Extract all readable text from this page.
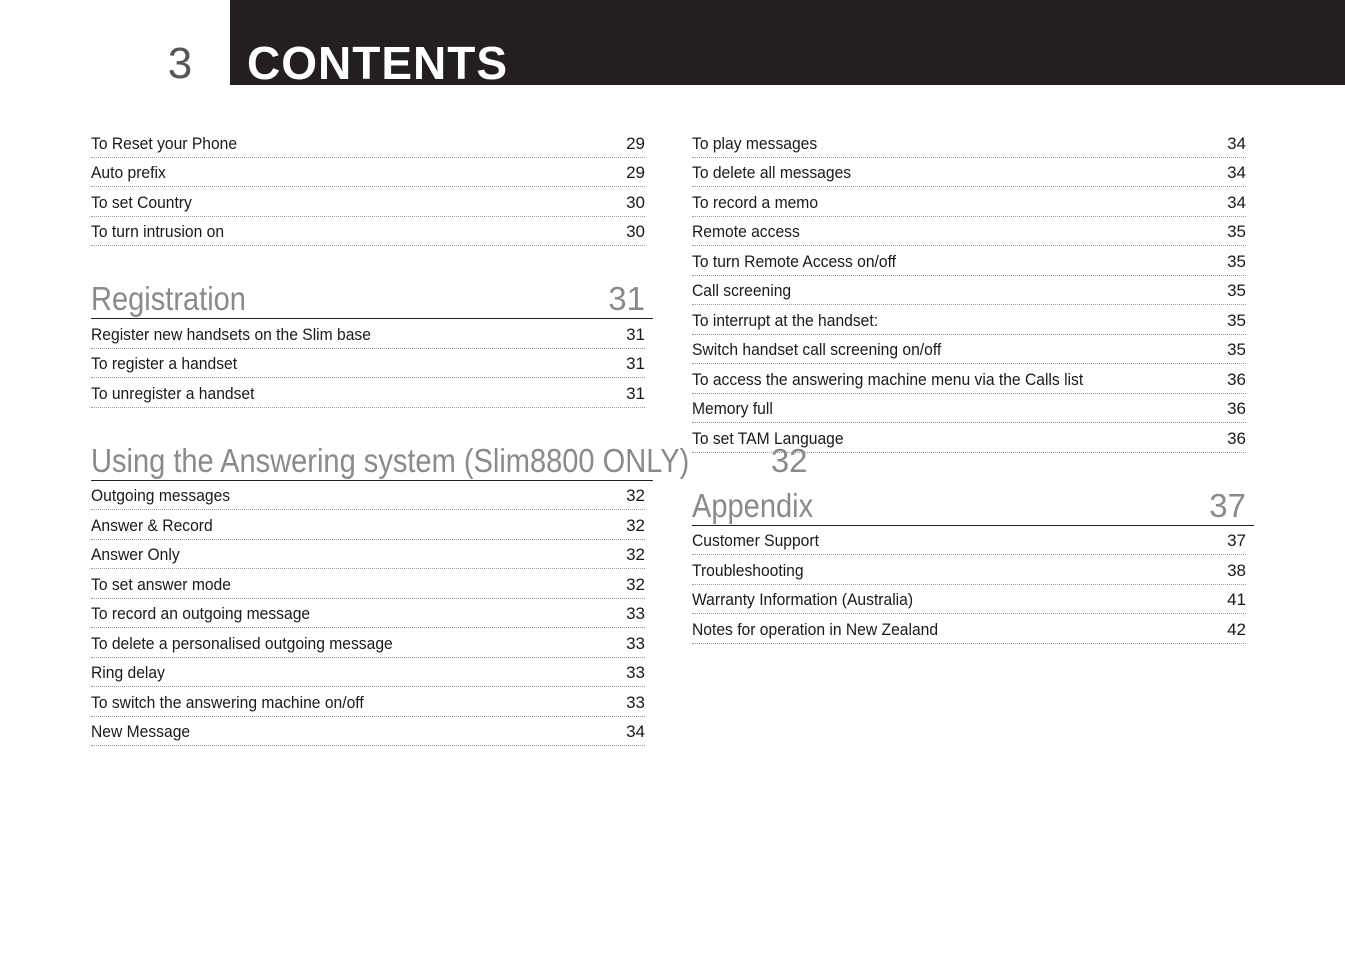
3 CONTENTS
To Reset your Phone	29
Auto prefix	29
To set Country	30
To turn intrusion on	30
Registration	31
Register new handsets on the Slim base	31
To register a handset	31
To unregister a handset	31
Using the Answering system (Slim8800 ONLY) 32
Outgoing messages	32
Answer & Record	32
Answer Only	32
To set answer mode	32
To record an outgoing message	33
To delete a personalised outgoing message	33
Ring delay	33
To switch the answering machine on/off	33
New Message	34
To play messages	34
To delete all messages	34
To record a memo	34
Remote access	35
To turn Remote Access on/off	35
Call screening	35
To interrupt at the handset:	35
Switch handset call screening on/off	35
To access the answering machine menu via the Calls list	36
Memory full	36
To set TAM Language	36
Appendix	37
Customer Support	37
Troubleshooting	38
Warranty Information (Australia)	41
Notes for operation in New Zealand	42
